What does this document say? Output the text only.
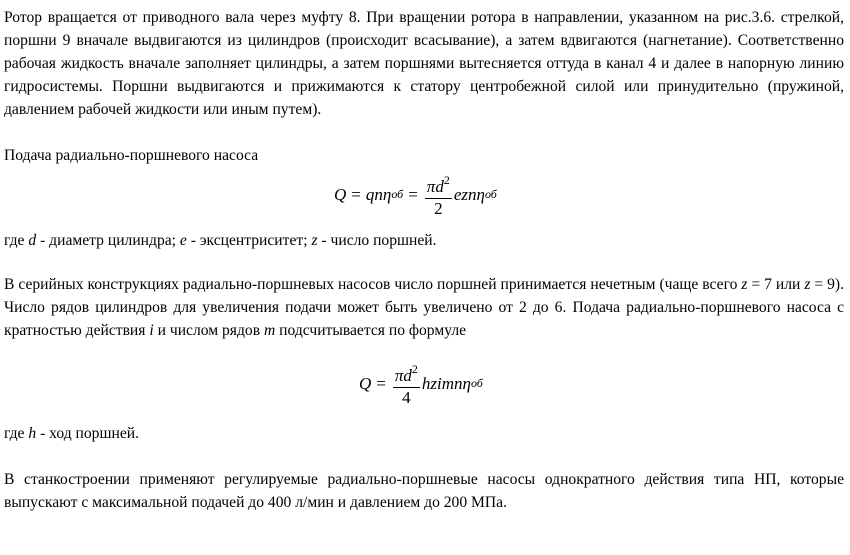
Ротор вращается от приводного вала через муфту 8. При вращении ротора в направлении, указанном на рис.3.6. стрелкой, поршни 9 вначале выдвигаются из цилиндров (происходит всасывание), а затем вдвигаются (нагнетание). Соответственно рабочая жидкость вначале заполняет цилиндры, а затем поршнями вытесняется оттуда в канал 4 и далее в напорную линию гидросистемы. Поршни выдвигаются и прижимаются к статору центробежной силой или принудительно (пружиной, давлением рабочей жидкости или иным путем).

Подача радиально-поршневого насоса

Q = qnη об = $\frac{\pi d^2}{2}$ ezn η об

где d - диаметр цилиндра; e - эксцентриситет; z - число поршней.

В серийных конструкциях радиально-поршневых насосов число поршней принимается нечетным (чаще всего z = 7 или z = 9). Число рядов цилиндров для увеличения подачи может быть увеличено от 2 до 6. Подача радиально-поршневого насоса с кратностью действия i и числом рядов m подсчитывается по формуле

$Q = \frac{\pi d^2}{4}$ hzimn η об

где h - ход поршней.

В станкостроении применяют регулируемые радиально-поршневые насосы однократного действия типа НП, которые выпускают с максимальной подачей до 400 л/мин и давлением до 200 МПа.
